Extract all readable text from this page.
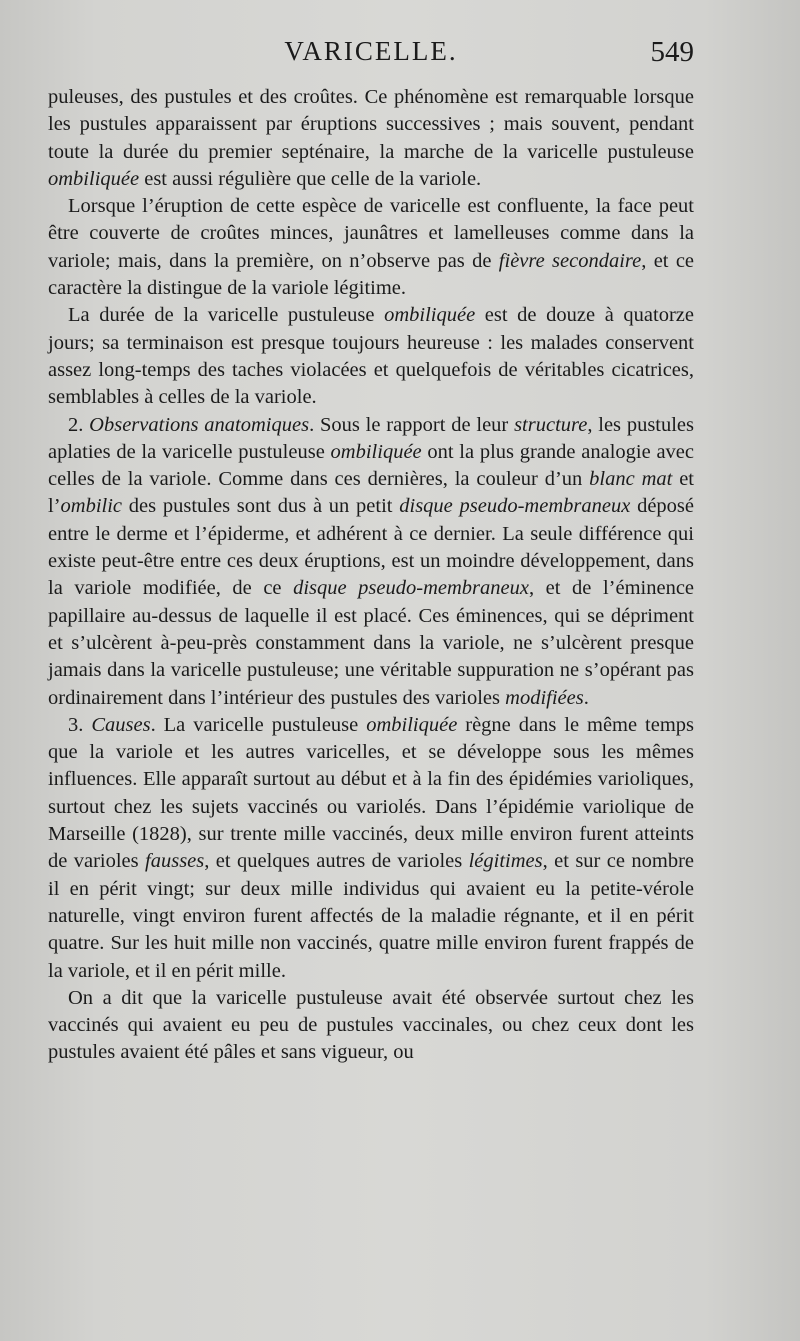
VARICELLE.	549

puleuses, des pustules et des croûtes. Ce phénomène est remarquable lorsque les pustules apparaissent par éruptions successives ; mais souvent, pendant toute la durée du premier septénaire, la marche de la varicelle pustuleuse ombiliquée est aussi régulière que celle de la variole.

Lorsque l’éruption de cette espèce de varicelle est confluente, la face peut être couverte de croûtes minces, jaunâtres et lamelleuses comme dans la variole; mais, dans la première, on n’observe pas de fièvre secondaire, et ce caractère la distingue de la variole légitime.

La durée de la varicelle pustuleuse ombiliquée est de douze à quatorze jours; sa terminaison est presque toujours heureuse : les malades conservent assez long-temps des taches violacées et quelquefois de véritables cicatrices, semblables à celles de la variole.

2. Observations anatomiques. Sous le rapport de leur structure, les pustules aplaties de la varicelle pustuleuse ombiliquée ont la plus grande analogie avec celles de la variole. Comme dans ces dernières, la couleur d’un blanc mat et l’ombilic des pustules sont dus à un petit disque pseudo-membraneux déposé entre le derme et l’épiderme, et adhérent à ce dernier. La seule différence qui existe peut-être entre ces deux éruptions, est un moindre développement, dans la variole modifiée, de ce disque pseudo-membraneux, et de l’éminence papillaire au-dessus de laquelle il est placé. Ces éminences, qui se dépriment et s’ulcèrent à-peu-près constamment dans la variole, ne s’ulcèrent presque jamais dans la varicelle pustuleuse; une véritable suppuration ne s’opérant pas ordinairement dans l’intérieur des pustules des varioles modifiées.

3. Causes. La varicelle pustuleuse ombiliquée règne dans le même temps que la variole et les autres varicelles, et se développe sous les mêmes influences. Elle apparaît surtout au début et à la fin des épidémies varioliques, surtout chez les sujets vaccinés ou variolés. Dans l’épidémie variolique de Marseille (1828), sur trente mille vaccinés, deux mille environ furent atteints de varioles fausses, et quelques autres de varioles légitimes, et sur ce nombre il en périt vingt; sur deux mille individus qui avaient eu la petite-vérole naturelle, vingt environ furent affectés de la maladie régnante, et il en périt quatre. Sur les huit mille non vaccinés, quatre mille environ furent frappés de la variole, et il en périt mille.

On a dit que la varicelle pustuleuse avait été observée surtout chez les vaccinés qui avaient eu peu de pustules vaccinales, ou chez ceux dont les pustules avaient été pâles et sans vigueur, ou
